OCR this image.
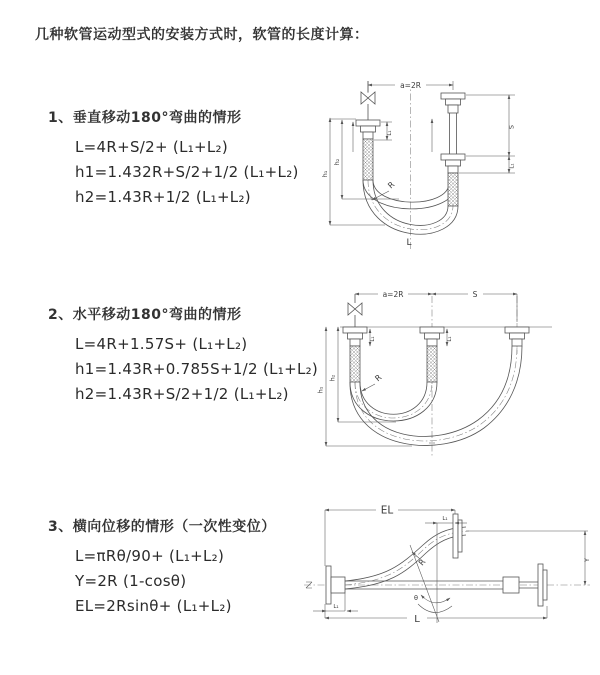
几种软管运动型式的安装方式时，软管的长度计算：
1、垂直移动180°弯曲的情形
L=4R+S/2+ (L₁+L₂)
h1=1.432R+S/2+1/2 (L₁+L₂)
h2=1.43R+1/2 (L₁+L₂)
2、水平移动180°弯曲的情形
L=4R+1.57S+ (L₁+L₂)
h1=1.43R+0.785S+1/2 (L₁+L₂)
h2=1.43R+S/2+1/2 (L₁+L₂)
3、横向位移的情形（一次性变位）
L=πRθ/90+ (L₁+L₂)
Y=2R (1-cosθ)
EL=2Rsinθ+ (L₁+L₂)
a=2R
h₁
h₂
L₁
S
L₁
R
L
a=2R	S
h₁
h₂
L₁	L₁
R
θ
R
EL
L₁
Y
L
L₁
